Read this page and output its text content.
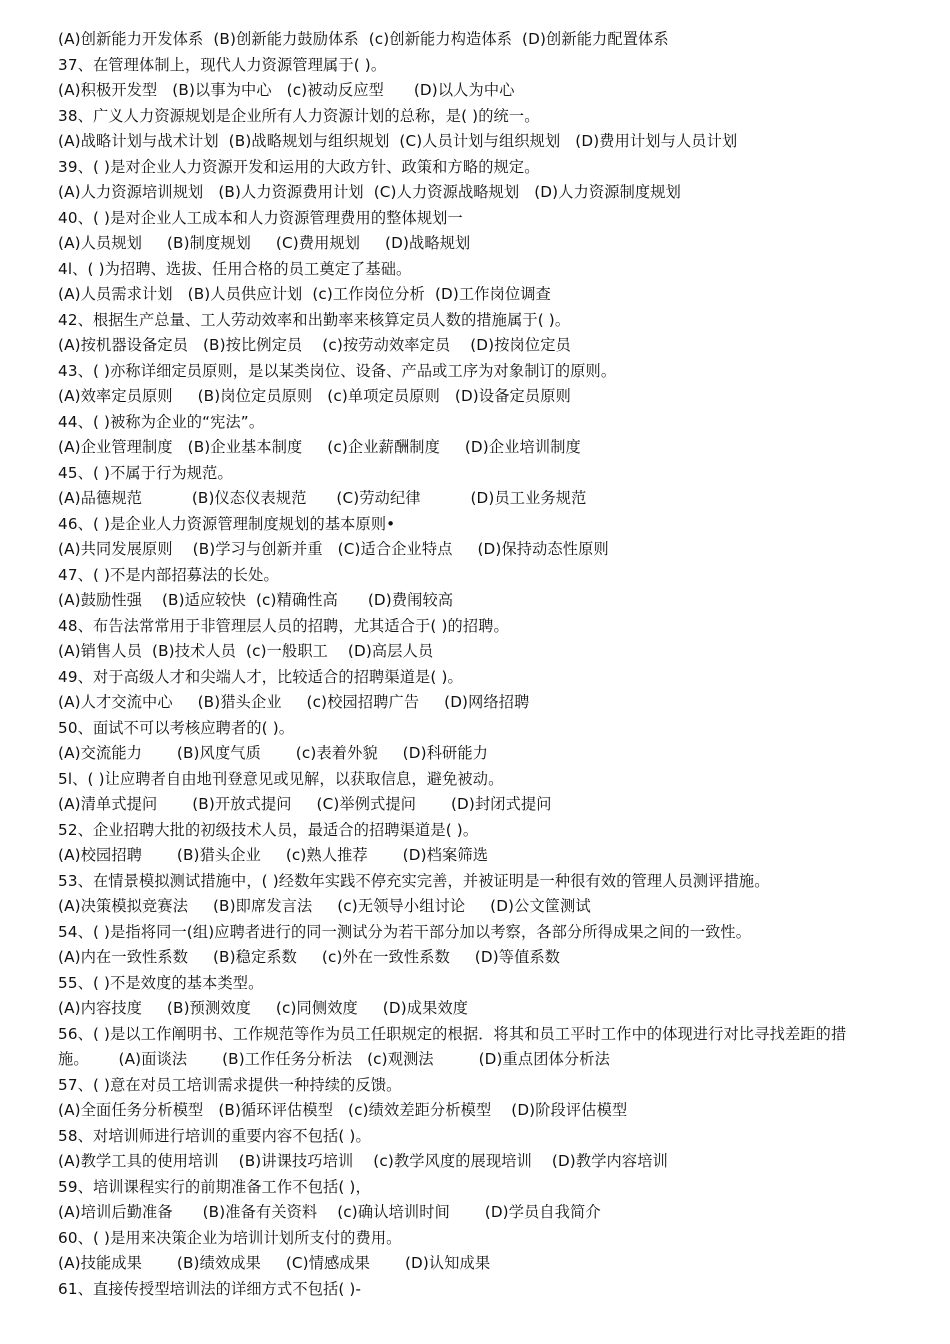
(A)创新能力开发体系  (B)创新能力鼓励体系  (c)创新能力构造体系  (D)创新能力配置体系
37、在管理体制上，现代人力资源管理属于( )。
(A)积极开发型   (B)以事为中心   (c)被动反应型      (D)以人为中心
38、广义人力资源规划是企业所有人力资源计划的总称，是( )的统一。
(A)战略计划与战术计划  (B)战略规划与组织规划  (C)人员计划与组织规划   (D)费用计划与人员计划
39、( )是对企业人力资源开发和运用的大政方针、政策和方略的规定。
(A)人力资源培训规划   (B)人力资源费用计划  (C)人力资源战略规划   (D)人力资源制度规划
40、( )是对企业人工成本和人力资源管理费用的整体规划一
(A)人员规划     (B)制度规划     (C)费用规划     (D)战略规划
4l、( )为招聘、选拔、任用合格的员工奠定了基础。
(A)人员需求计划   (B)人员供应计划  (c)工作岗位分析  (D)工作岗位调查
42、根据生产总量、工人劳动效率和出勤率来核算定员人数的措施属于( )。
(A)按机器设备定员   (B)按比例定员    (c)按劳动效率定员    (D)按岗位定员
43、( )亦称详细定员原则，是以某类岗位、设备、产品或工序为对象制订的原则。
(A)效率定员原则     (B)岗位定员原则   (c)单项定员原则   (D)设备定员原则
44、( )被称为企业的“宪法”。
(A)企业管理制度   (B)企业基本制度     (c)企业薪酬制度     (D)企业培训制度
45、( )不属于行为规范。
(A)品德规范          (B)仪态仪表规范      (C)劳动纪律          (D)员工业务规范
46、( )是企业人力资源管理制度规划的基本原则•
(A)共同发展原则    (B)学习与创新并重   (C)适合企业特点     (D)保持动态性原则
47、( )不是内部招募法的长处。
(A)鼓励性强    (B)适应较快  (c)精确性高      (D)费闱较高
48、布告法常常用于非管理层人员的招聘，尤其适合于( )的招聘。
(A)销售人员  (B)技术人员  (c)一般职工    (D)高层人员
49、对于高级人才和尖端人才，比较适合的招聘渠道是( )。
(A)人才交流中心     (B)猎头企业     (c)校园招聘广告     (D)网络招聘
50、面试不可以考核应聘者的( )。
(A)交流能力       (B)风度气质       (c)表着外貌     (D)科研能力
5l、( )让应聘者自由地刊登意见或见解，以获取信息，避免被动。
(A)清单式提问       (B)开放式提问     (C)举例式提问       (D)封闭式提问
52、企业招聘大批的初级技术人员，最适合的招聘渠道是( )。
(A)校园招聘       (B)猎头企业     (c)熟人推荐       (D)档案筛选
53、在情景模拟测试措施中，( )经数年实践不停充实完善，并被证明是一种很有效的管理人员测评措施。
(A)决策模拟竞赛法     (B)即席发言法     (c)无领导小组讨论     (D)公文筐测试
54、( )是指将同一(组)应聘者进行的同一测试分为若干部分加以考察，各部分所得成果之间的一致性。
(A)内在一致性系数     (B)稳定系数     (c)外在一致性系数     (D)等值系数
55、( )不是效度的基本类型。
(A)内容技度     (B)预测效度     (c)同侧效度     (D)成果效度
56、( )是以工作阐明书、工作规范等作为员工任职规定的根据．将其和员工平时工作中的体现进行对比寻找差距的措
施。      (A)面谈法       (B)工作任务分析法   (c)观测法         (D)重点团体分析法
57、( )意在对员工培训需求提供一种持续的反馈。
(A)全面任务分析模型   (B)循环评估模型   (c)绩效差距分析模型    (D)阶段评估模型
58、对培训师进行培训的重要内容不包括( )。
(A)教学工具的使用培训    (B)讲课技巧培训    (c)教学风度的展现培训    (D)教学内容培训
59、培训课程实行的前期准备工作不包括( )，
(A)培训后勤准备      (B)准备有关资料    (c)确认培训时间       (D)学员自我简介
60、( )是用来决策企业为培训计划所支付的费用。
(A)技能成果       (B)绩效成果     (C)情感成果       (D)认知成果
61、直接传授型培训法的详细方式不包括( )-
